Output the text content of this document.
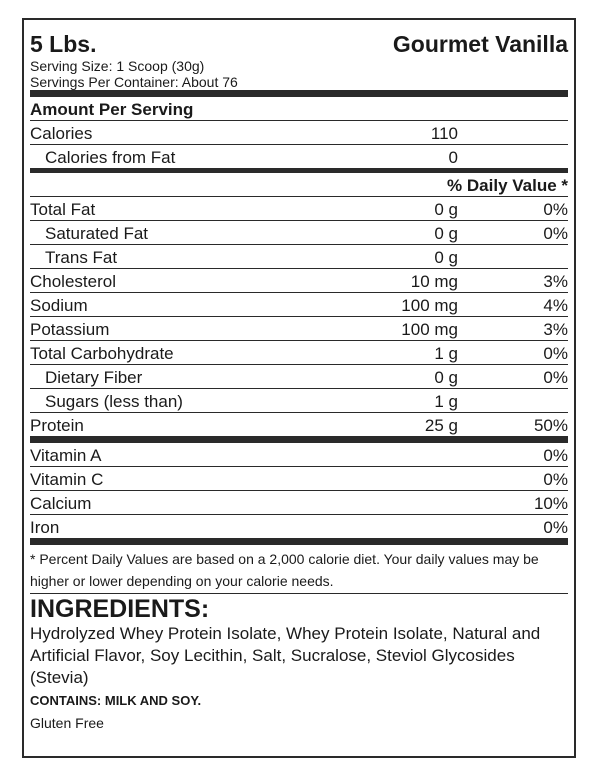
5 Lbs.	Gourmet Vanilla
Serving Size: 1 Scoop (30g)
Servings Per Container: About 76
Amount Per Serving
Calories	110
Calories from Fat	0
% Daily Value *
Total Fat	0 g	0%
Saturated Fat	0 g	0%
Trans Fat	0 g
Cholesterol	10 mg	3%
Sodium	100 mg	4%
Potassium	100 mg	3%
Total Carbohydrate	1 g	0%
Dietary Fiber	0 g	0%
Sugars (less than)	1 g
Protein	25 g	50%
Vitamin A	0%
Vitamin C	0%
Calcium	10%
Iron	0%
* Percent Daily Values are based on a 2,000 calorie diet. Your daily values may be higher or lower depending on your calorie needs.
INGREDIENTS:
Hydrolyzed Whey Protein Isolate, Whey Protein Isolate, Natural and Artificial Flavor, Soy Lecithin, Salt, Sucralose, Steviol Glycosides (Stevia)
CONTAINS: MILK AND SOY.
Gluten Free
